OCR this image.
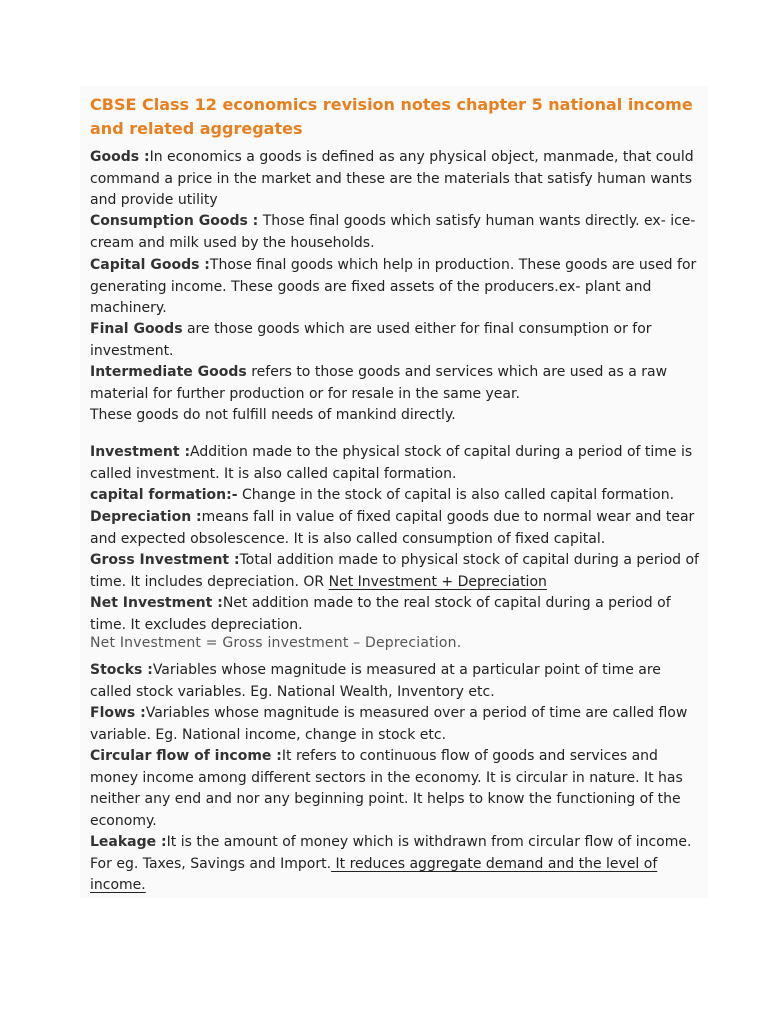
CBSE Class 12 economics revision notes chapter 5 national income and related aggregates

Goods :In economics a goods is defined as any physical object, manmade, that could command a price in the market and these are the materials that satisfy human wants and provide utility

Consumption Goods : Those final goods which satisfy human wants directly. ex- ice-cream and milk used by the households.

Capital Goods :Those final goods which help in production. These goods are used for generating income. These goods are fixed assets of the producers.ex- plant and machinery.

Final Goods are those goods which are used either for final consumption or for investment.

Intermediate Goods refers to those goods and services which are used as a raw material for further production or for resale in the same year.

These goods do not fulfill needs of mankind directly.

Investment :Addition made to the physical stock of capital during a period of time is called investment. It is also called capital formation.

capital formation:- Change in the stock of capital is also called capital formation.

Depreciation :means fall in value of fixed capital goods due to normal wear and tear and expected obsolescence. It is also called consumption of fixed capital.

Gross Investment :Total addition made to physical stock of capital during a period of time. It includes depreciation. OR Net Investment + Depreciation

Net Investment :Net addition made to the real stock of capital during a period of time. It excludes depreciation.

Net Investment = Gross investment – Depreciation.

Stocks :Variables whose magnitude is measured at a particular point of time are called stock variables. Eg. National Wealth, Inventory etc.

Flows :Variables whose magnitude is measured over a period of time are called flow variable. Eg. National income, change in stock etc.

Circular flow of income :It refers to continuous flow of goods and services and money income among different sectors in the economy. It is circular in nature. It has neither any end and nor any beginning point. It helps to know the functioning of the economy.

Leakage :It is the amount of money which is withdrawn from circular flow of income. For eg. Taxes, Savings and Import. It reduces aggregate demand and the level of income.
